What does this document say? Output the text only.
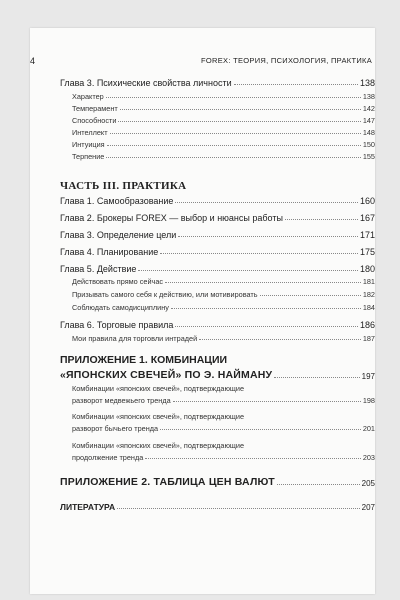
4	FOREX: ТЕОРИЯ, ПСИХОЛОГИЯ, ПРАКТИКА
Глава 3. Психические свойства личности	138
Характер	138
Темперамент	142
Способности	147
Интеллект	148
Интуиция	150
Терпение	155
ЧАСТЬ III. ПРАКТИКА
Глава 1. Самообразование	160
Глава 2. Брокеры FOREX — выбор и нюансы работы	167
Глава 3. Определение цели	171
Глава 4. Планирование	175
Глава 5. Действие	180
Действовать прямо сейчас	181
Призывать самого себя к действию, или мотивировать	182
Соблюдать самодисциплину	184
Глава 6. Торговые правила	186
Мои правила для торговли интрадей	187
ПРИЛОЖЕНИЕ 1. КОМБИНАЦИИ
«ЯПОНСКИХ СВЕЧЕЙ» ПО Э. НАЙМАНУ	197
Комбинации «японских свечей», подтверждающие
разворот медвежьего тренда	198
Комбинации «японских свечей», подтверждающие
разворот бычьего тренда	201
Комбинации «японских свечей», подтверждающие
продолжение тренда	203
ПРИЛОЖЕНИЕ 2. ТАБЛИЦА ЦЕН ВАЛЮТ	205
ЛИТЕРАТУРА	207
